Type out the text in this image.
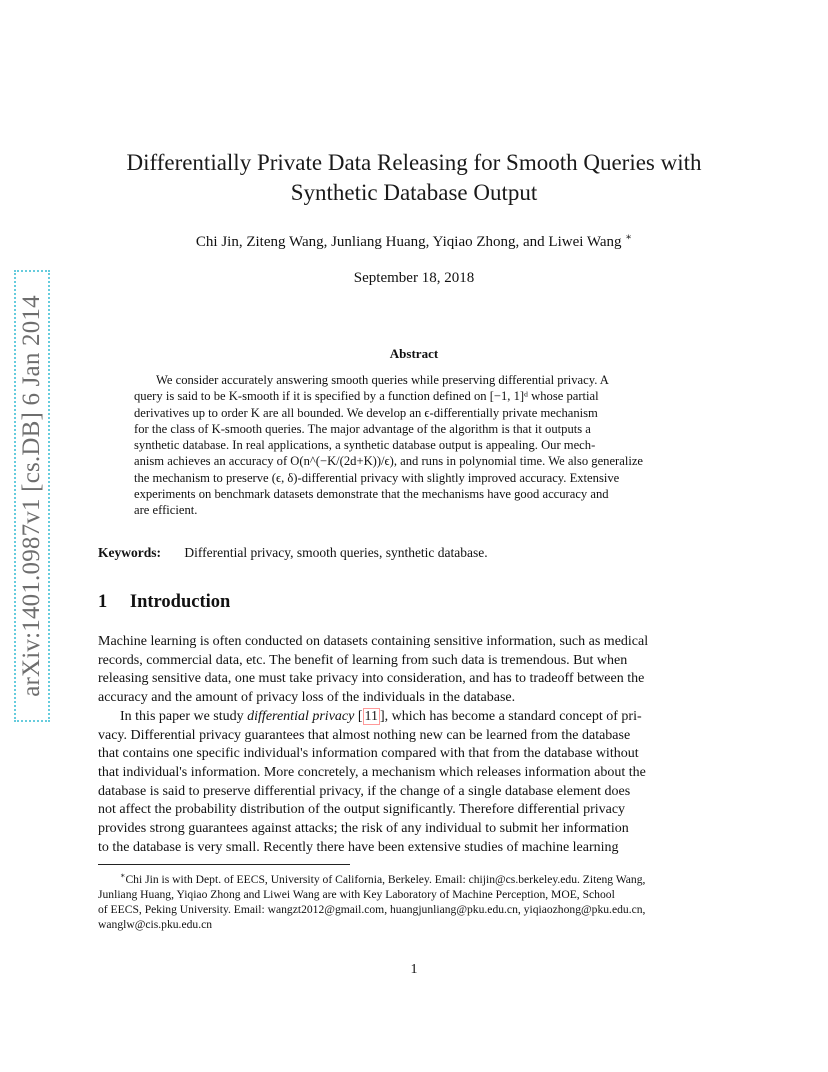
arXiv:1401.0987v1 [cs.DB] 6 Jan 2014
Differentially Private Data Releasing for Smooth Queries with
Synthetic Database Output
Chi Jin, Ziteng Wang, Junliang Huang, Yiqiao Zhong, and Liwei Wang ∗
September 18, 2018
Abstract
We consider accurately answering smooth queries while preserving differential privacy. A
query is said to be K-smooth if it is specified by a function defined on [−1, 1]ᵈ whose partial
derivatives up to order K are all bounded. We develop an ϵ-differentially private mechanism
for the class of K-smooth queries. The major advantage of the algorithm is that it outputs a
synthetic database. In real applications, a synthetic database output is appealing. Our mech-
anism achieves an accuracy of O(n^(−K/(2d+K))/ϵ), and runs in polynomial time. We also generalize
the mechanism to preserve (ϵ, δ)-differential privacy with slightly improved accuracy. Extensive
experiments on benchmark datasets demonstrate that the mechanisms have good accuracy and
are efficient.
Keywords: Differential privacy, smooth queries, synthetic database.
1 Introduction
Machine learning is often conducted on datasets containing sensitive information, such as medical
records, commercial data, etc. The benefit of learning from such data is tremendous. But when
releasing sensitive data, one must take privacy into consideration, and has to tradeoff between the
accuracy and the amount of privacy loss of the individuals in the database.
In this paper we study differential privacy [ 11 ], which has become a standard concept of pri-
vacy. Differential privacy guarantees that almost nothing new can be learned from the database
that contains one specific individual's information compared with that from the database without
that individual's information. More concretely, a mechanism which releases information about the
database is said to preserve differential privacy, if the change of a single database element does
not affect the probability distribution of the output significantly. Therefore differential privacy
provides strong guarantees against attacks; the risk of any individual to submit her information
to the database is very small. Recently there have been extensive studies of machine learning
∗Chi Jin is with Dept. of EECS, University of California, Berkeley. Email: chijin@cs.berkeley.edu. Ziteng Wang,
Junliang Huang, Yiqiao Zhong and Liwei Wang are with Key Laboratory of Machine Perception, MOE, School
of EECS, Peking University. Email: wangzt2012@gmail.com, huangjunliang@pku.edu.cn, yiqiaozhong@pku.edu.cn,
wanglw@cis.pku.edu.cn
1
